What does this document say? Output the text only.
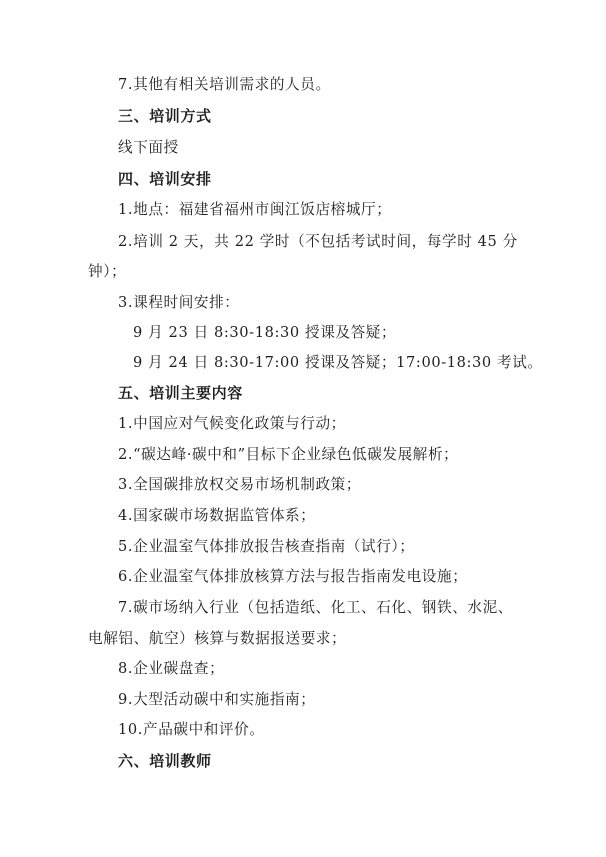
7.其他有相关培训需求的人员。
三、培训方式
线下面授
四、培训安排
1.地点：福建省福州市闽江饭店榕城厅；
2.培训 2 天，共 22 学时（不包括考试时间，每学时 45 分
钟）；
3.课程时间安排：
9 月 23 日 8:30-18:30 授课及答疑；
9 月 24 日 8:30-17:00 授课及答疑；17:00-18:30 考试。
五、培训主要内容
1.中国应对气候变化政策与行动；
2.“碳达峰·碳中和”目标下企业绿色低碳发展解析；
3.全国碳排放权交易市场机制政策；
4.国家碳市场数据监管体系；
5.企业温室气体排放报告核查指南（试行）；
6.企业温室气体排放核算方法与报告指南发电设施；
7.碳市场纳入行业（包括造纸、化工、石化、钢铁、水泥、
电解铝、航空）核算与数据报送要求；
8.企业碳盘查；
9.大型活动碳中和实施指南；
10.产品碳中和评价。
六、培训教师
